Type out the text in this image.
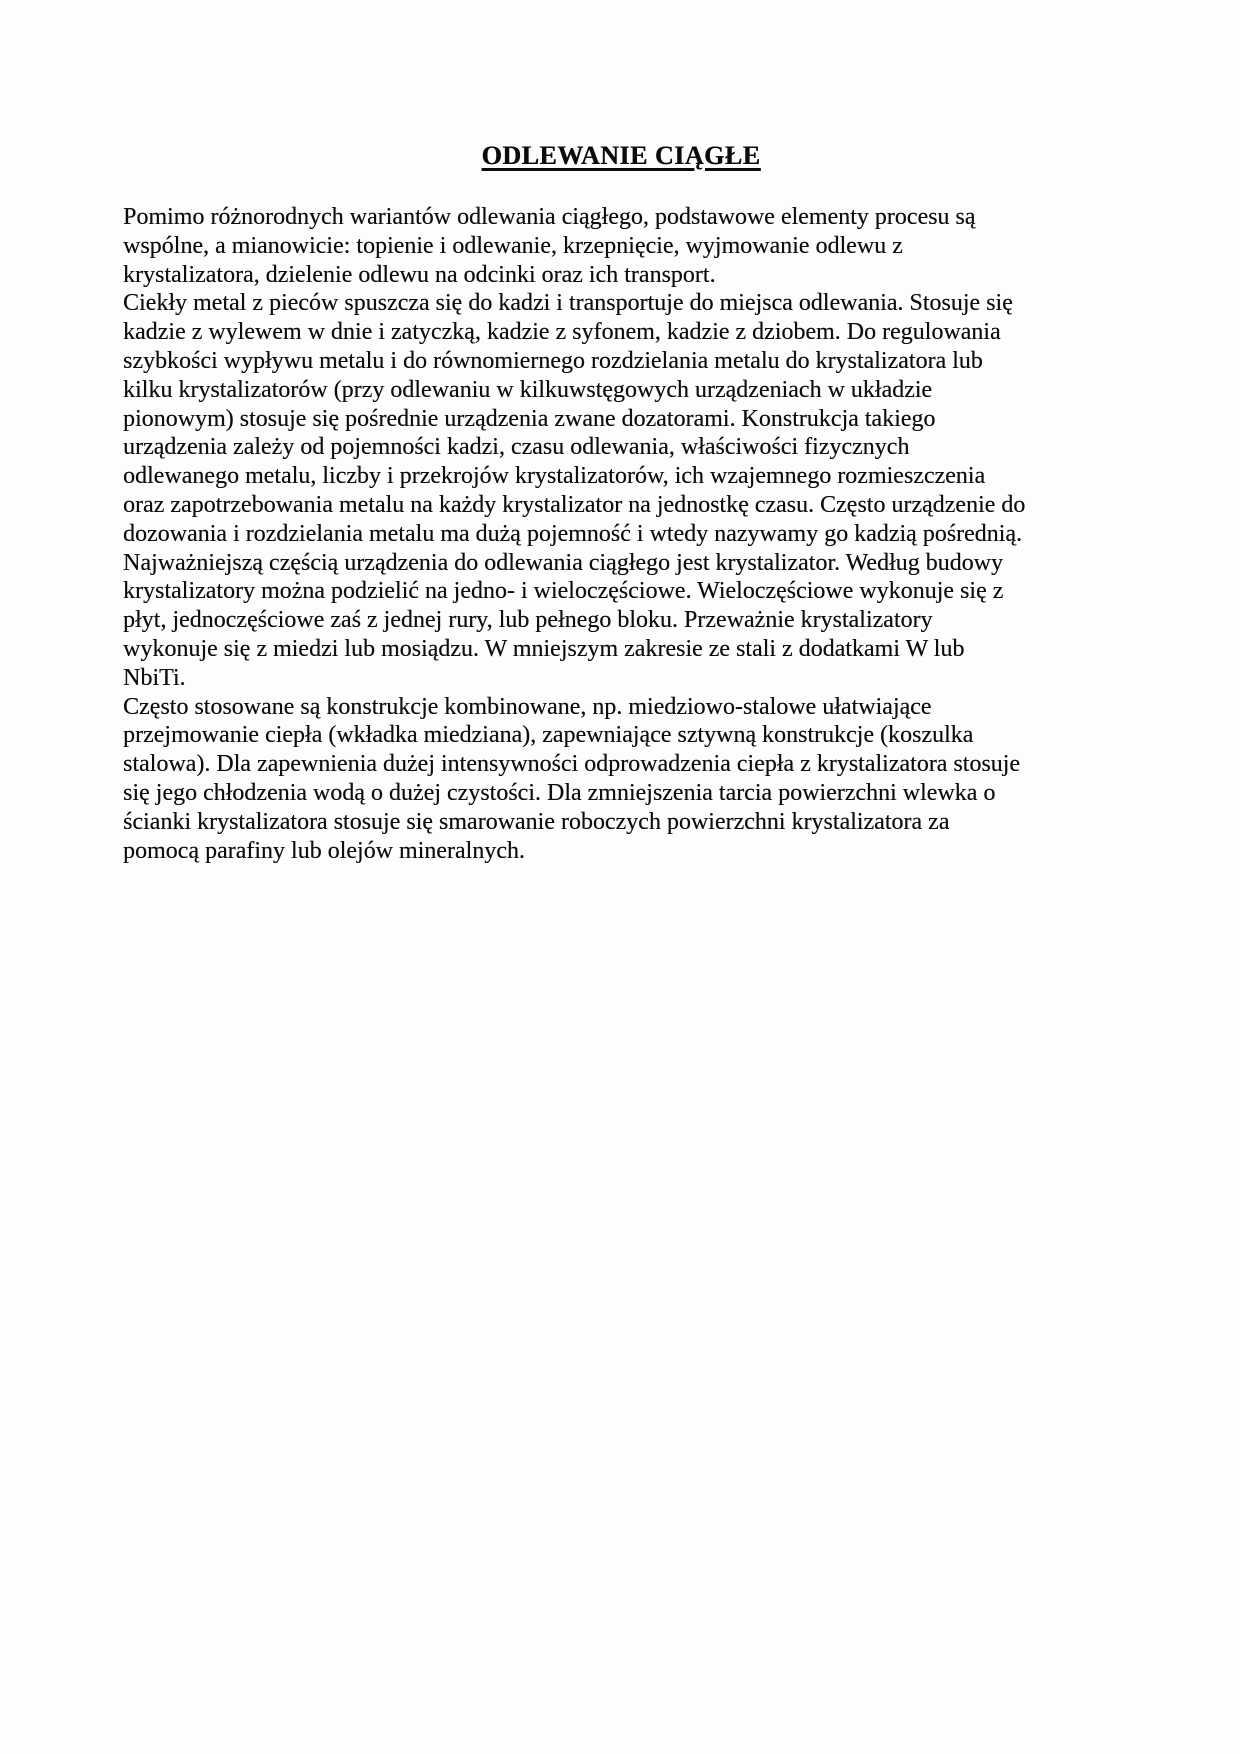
ODLEWANIE CIĄGŁE
Pomimo różnorodnych wariantów odlewania ciągłego, podstawowe elementy procesu są
wspólne, a mianowicie: topienie i odlewanie, krzepnięcie, wyjmowanie odlewu z
krystalizatora, dzielenie odlewu na odcinki oraz ich transport.
Ciekły metal z pieców spuszcza się do kadzi i transportuje do miejsca odlewania. Stosuje się
kadzie z wylewem w dnie i zatyczką, kadzie z syfonem, kadzie z dziobem. Do regulowania
szybkości wypływu metalu i do równomiernego rozdzielania metalu do krystalizatora lub
kilku krystalizatorów (przy odlewaniu w kilkuwstęgowych urządzeniach w układzie
pionowym) stosuje się pośrednie urządzenia zwane dozatorami. Konstrukcja takiego
urządzenia zależy od pojemności kadzi, czasu odlewania, właściwości fizycznych
odlewanego metalu, liczby i przekrojów krystalizatorów, ich wzajemnego rozmieszczenia
oraz zapotrzebowania metalu na każdy krystalizator na jednostkę czasu. Często urządzenie do
dozowania i rozdzielania metalu ma dużą pojemność i wtedy nazywamy go kadzią pośrednią.
Najważniejszą częścią urządzenia do odlewania ciągłego jest krystalizator. Według budowy
krystalizatory można podzielić na jedno- i wieloczęściowe. Wieloczęściowe wykonuje się z
płyt, jednoczęściowe zaś z jednej rury, lub pełnego bloku. Przeważnie krystalizatory
wykonuje się z miedzi lub mosiądzu. W mniejszym zakresie ze stali z dodatkami W lub
NbiTi.
Często stosowane są konstrukcje kombinowane, np. miedziowo-stalowe ułatwiające
przejmowanie ciepła (wkładka miedziana), zapewniające sztywną konstrukcje (koszulka
stalowa). Dla zapewnienia dużej intensywności odprowadzenia ciepła z krystalizatora stosuje
się jego chłodzenia wodą o dużej czystości. Dla zmniejszenia tarcia powierzchni wlewka o
ścianki krystalizatora stosuje się smarowanie roboczych powierzchni krystalizatora za
pomocą parafiny lub olejów mineralnych.
